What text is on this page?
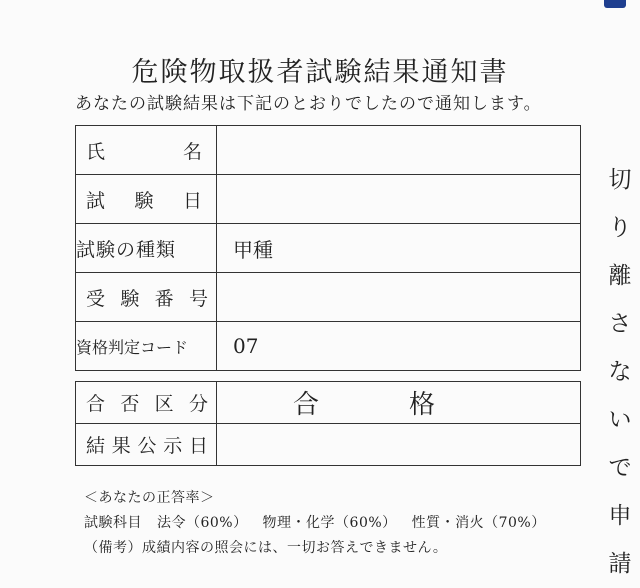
危険物取扱者試験結果通知書
あなたの試験結果は下記のとおりでしたので通知します。
氏 名	

試 験 日	

試験の種類	甲種

受 験 番 号	

資格判定コード	07
合 否 区 分	合 格

結 果 公 示 日	

＜あなたの正答率＞
試験科目 法令（60%） 物理・化学（60%） 性質・消火（70%）
（備考）成績内容の照会には、一切お答えできません。
切
り
離
さ
な
い
で
申
請
